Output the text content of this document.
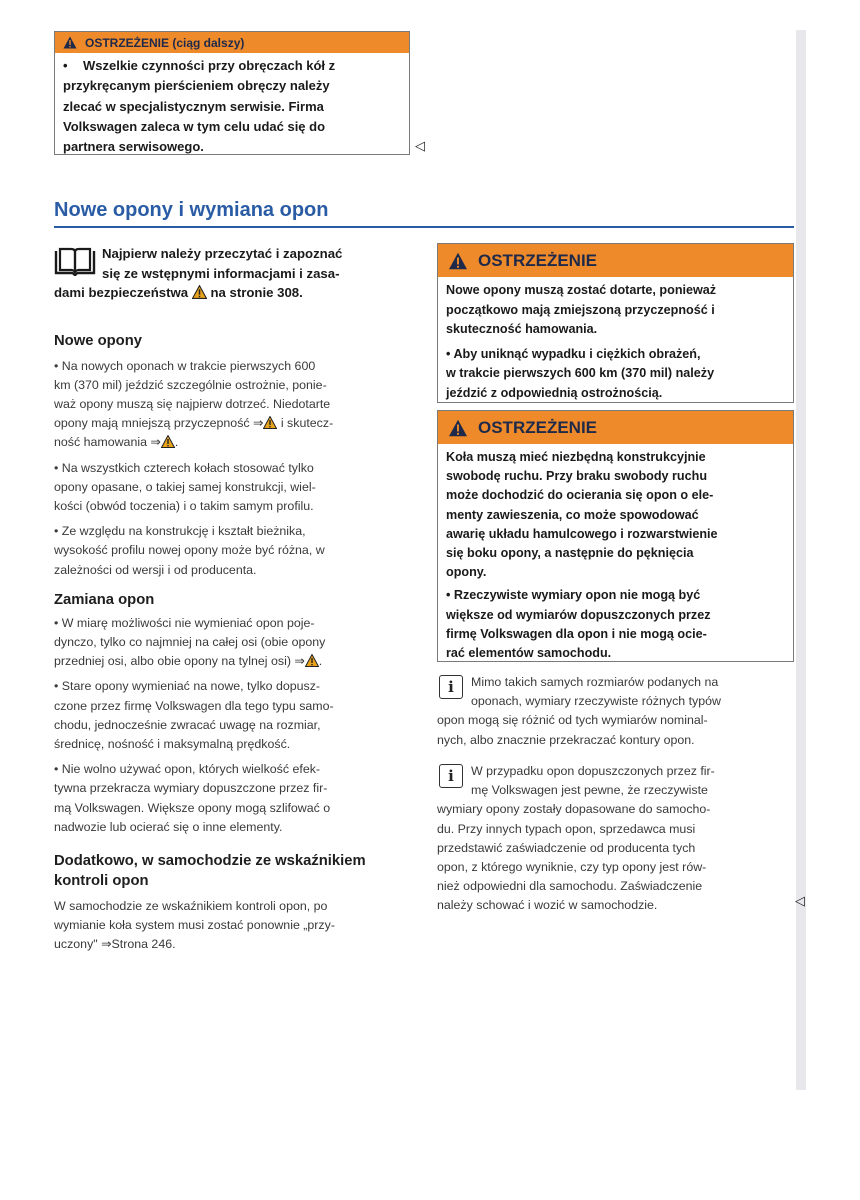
OSTRZEŻENIE (ciąg dalszy)

• Wszelkie czynności przy obręczach kół z

przykręcanym pierścieniem obręczy należy

zlecać w specjalistycznym serwisie. Firma

Volkswagen zaleca w tym celu udać się do

partnera serwisowego.	◁
Nowe opony i wymiana opon

Najpierw należy przeczytać i zapoznać

się ze wstępnymi informacjami i zasa-

dami bezpieczeństwa  na stronie 308.

Nowe opony
• Na nowych oponach w trakcie pierwszych 600
km (370 mil) jeździć szczególnie ostrożnie, ponie-
waż opony muszą się najpierw dotrzeć. Niedotarte
opony mają mniejszą przyczepność ⇒ i skutecz-
ność hamowania ⇒ .
• Na wszystkich czterech kołach stosować tylko
opony opasane, o takiej samej konstrukcji, wiel-
kości (obwód toczenia) i o takim samym profilu.
• Ze względu na konstrukcję i kształt bieżnika,
wysokość profilu nowej opony może być różna, w
zależności od wersji i od producenta.
Zamiana opon
• W miarę możliwości nie wymieniać opon poje-
dynczo, tylko co najmniej na całej osi (obie opony
przedniej osi, albo obie opony na tylnej osi) ⇒ .
• Stare opony wymieniać na nowe, tylko dopusz-
czone przez firmę Volkswagen dla tego typu samo-
chodu, jednocześnie zwracać uwagę na rozmiar,
średnicę, nośność i maksymalną prędkość.
• Nie wolno używać opon, których wielkość efek-
tywna przekracza wymiary dopuszczone przez fir-
mą Volkswagen. Większe opony mogą szlifować o
nadwozie lub ocierać się o inne elementy.
Dodatkowo, w samochodzie ze wskaźnikiem
kontroli opon
W samochodzie ze wskaźnikiem kontroli opon, po
wymianie koła system musi zostać ponownie „przy-
uczony" ⇒Strona 246.
OSTRZEŻENIE

Nowe opony muszą zostać dotarte, ponieważ

początkowo mają zmiejszoną przyczepność i

skuteczność hamowania.

• Aby uniknąć wypadku i ciężkich obrażeń,

w trakcie pierwszych 600 km (370 mil) należy

jeździć z odpowiednią ostrożnością.

OSTRZEŻENIE

Koła muszą mieć niezbędną konstrukcyjnie

swobodę ruchu. Przy braku swobody ruchu

może dochodzić do ocierania się opon o ele-

menty zawieszenia, co może spowodować

awarię układu hamulcowego i rozwarstwienie

się boku opony, a następnie do pęknięcia

opony.

• Rzeczywiste wymiary opon nie mogą być

większe od wymiarów dopuszczonych przez

firmę Volkswagen dla opon i nie mogą ocie-

rać elementów samochodu.

i	Mimo takich samych rozmiarów podanych na

oponach, wymiary rzeczywiste różnych typów

opon mogą się różnić od tych wymiarów nominal-

nych, albo znacznie przekraczać kontury opon.

i	W przypadku opon dopuszczonych przez fir-

mę Volkswagen jest pewne, że rzeczywiste

wymiary opony zostały dopasowane do samocho-

du. Przy innych typach opon, sprzedawca musi

przedstawić zaświadczenie od producenta tych

opon, z którego wyniknie, czy typ opony jest rów-

nież odpowiedni dla samochodu. Zaświadczenie

należy schować i wozić w samochodzie.	◁
